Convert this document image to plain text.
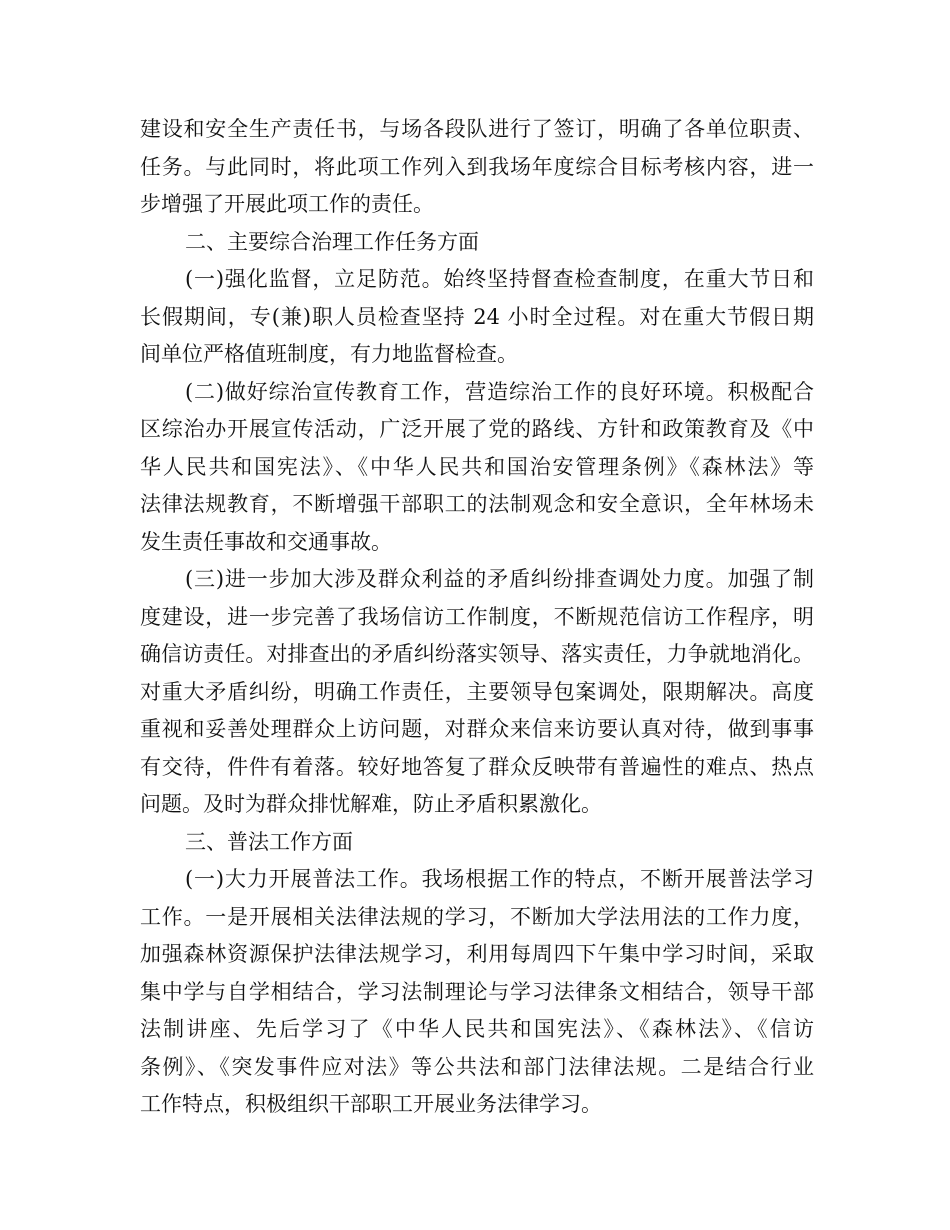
建设和安全生产责任书，与场各段队进行了签订，明确了各单位职责、
任务。与此同时，将此项工作列入到我场年度综合目标考核内容，进一
步增强了开展此项工作的责任。
二、主要综合治理工作任务方面
(一)强化监督，立足防范。始终坚持督查检查制度，在重大节日和
长假期间，专(兼)职人员检查坚持 24 小时全过程。对在重大节假日期
间单位严格值班制度，有力地监督检查。
(二)做好综治宣传教育工作，营造综治工作的良好环境。积极配合
区综治办开展宣传活动，广泛开展了党的路线、方针和政策教育及《中
华人民共和国宪法》、《中华人民共和国治安管理条例》《森林法》等
法律法规教育，不断增强干部职工的法制观念和安全意识，全年林场未
发生责任事故和交通事故。
(三)进一步加大涉及群众利益的矛盾纠纷排查调处力度。加强了制
度建设，进一步完善了我场信访工作制度，不断规范信访工作程序，明
确信访责任。对排查出的矛盾纠纷落实领导、落实责任，力争就地消化。
对重大矛盾纠纷，明确工作责任，主要领导包案调处，限期解决。高度
重视和妥善处理群众上访问题，对群众来信来访要认真对待，做到事事
有交待，件件有着落。较好地答复了群众反映带有普遍性的难点、热点
问题。及时为群众排忧解难，防止矛盾积累激化。
三、普法工作方面
(一)大力开展普法工作。我场根据工作的特点，不断开展普法学习
工作。一是开展相关法律法规的学习，不断加大学法用法的工作力度，
加强森林资源保护法律法规学习，利用每周四下午集中学习时间，采取
集中学与自学相结合，学习法制理论与学习法律条文相结合，领导干部
法制讲座、先后学习了《中华人民共和国宪法》、《森林法》、《信访
条例》、《突发事件应对法》等公共法和部门法律法规。二是结合行业
工作特点，积极组织干部职工开展业务法律学习。
